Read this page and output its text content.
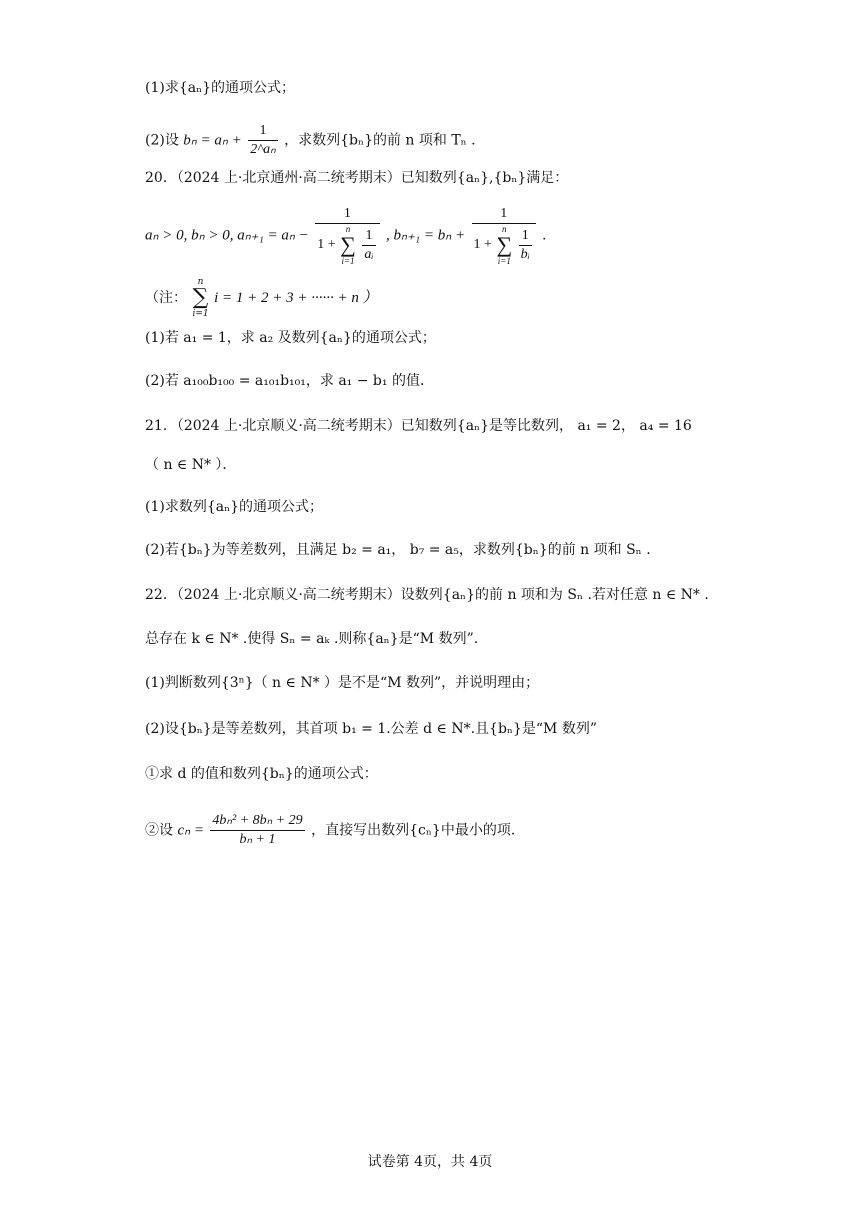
(1)求{aₙ}的通项公式；
(2)设 $b_n = a_n + \frac{1}{\text{2\textasciicircum{}aₙ}}$ ，求数列{bₙ}的前 n 项和 Tₙ .
20．（2024 上·北京通州·高二统考期末）已知数列{aₙ},{bₙ}满足：
aₙ > 0, bₙ > 0, aₙ₊₁ = aₙ −
1
1 +
n
∑
i=1
$\frac{1}{\text{aᵢ}}$ , bₙ₊₁ = bₙ +
1
1 +
n
∑
i=1
$\frac{1}{\text{bᵢ}}$ .
（注：
n
∑
i=1
i = 1 + 2 + 3 + ······ + n ）
(1)若 a₁ = 1，求 a₂ 及数列{aₙ}的通项公式；
(2)若 a₁₀₀b₁₀₀ = a₁₀₁b₁₀₁，求 a₁ − b₁ 的值．
21．（2024 上·北京顺义·高二统考期末）已知数列{aₙ}是等比数列， a₁ = 2， a₄ = 16
（ n ∈ N* ）．
(1)求数列{aₙ}的通项公式；
(2)若{bₙ}为等差数列，且满足 b₂ = a₁， b₇ = a₅，求数列{bₙ}的前 n 项和 Sₙ .
22．（2024 上·北京顺义·高二统考期末）设数列{aₙ}的前 n 项和为 Sₙ .若对任意 n ∈ N* .
总存在 k ∈ N* .使得 Sₙ = aₖ .则称{aₙ}是“M 数列”.
(1)判断数列{3ⁿ}（ n ∈ N* ）是不是“M 数列”，并说明理由；
(2)设{bₙ}是等差数列，其首项 b₁ = 1.公差 d ∈ N*.且{bₙ}是“M 数列”
①求 d 的值和数列{bₙ}的通项公式：
②设 $c_n = \frac{\text{4bₙ² + 8bₙ + 29}}{\text{bₙ + 1}}$ ，直接写出数列{cₙ}中最小的项.
试卷第 4页，共 4页
